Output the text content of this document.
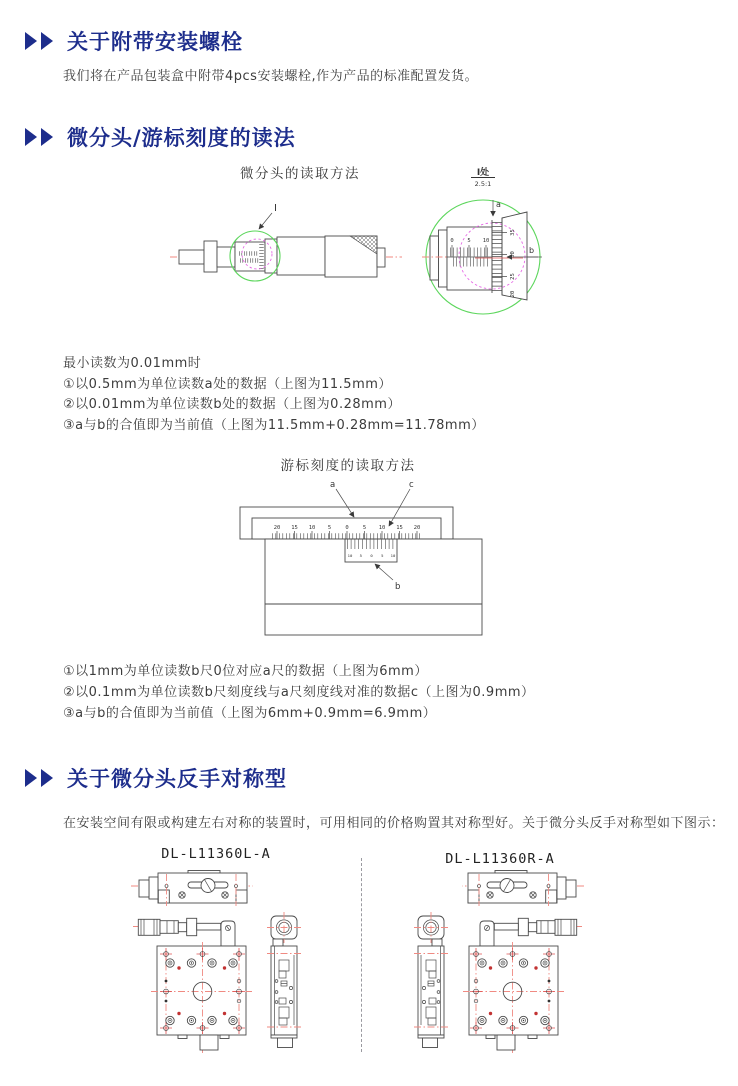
关于附带安装螺栓
我们将在产品包装盒中附带4pcs安装螺栓,作为产品的标准配置发货。
微分头/游标刻度的读法
微分头的读取方法
I
I处
2.5:1
0 5 10
35
30
25
20
a
b
最小读数为0.01mm时
①以0.5mm为单位读数a处的数据（上图为11.5mm）
②以0.01mm为单位读数b处的数据（上图为0.28mm）
③a与b的合值即为当前值（上图为11.5mm+0.28mm=11.78mm）
游标刻度的读取方法
20 15 10 5	0	5 10 15 20
10 5 0 5 10
a	c
b
①以1mm为单位读数b尺0位对应a尺的数据（上图为6mm）
②以0.1mm为单位读数b尺刻度线与a尺刻度线对准的数据c（上图为0.9mm）
③a与b的合值即为当前值（上图为6mm+0.9mm=6.9mm）
关于微分头反手对称型
在安装空间有限或构建左右对称的装置时，可用相同的价格购置其对称型好。关于微分头反手对称型如下图示：
DL-L11360L-A	DL-L11360R-A
